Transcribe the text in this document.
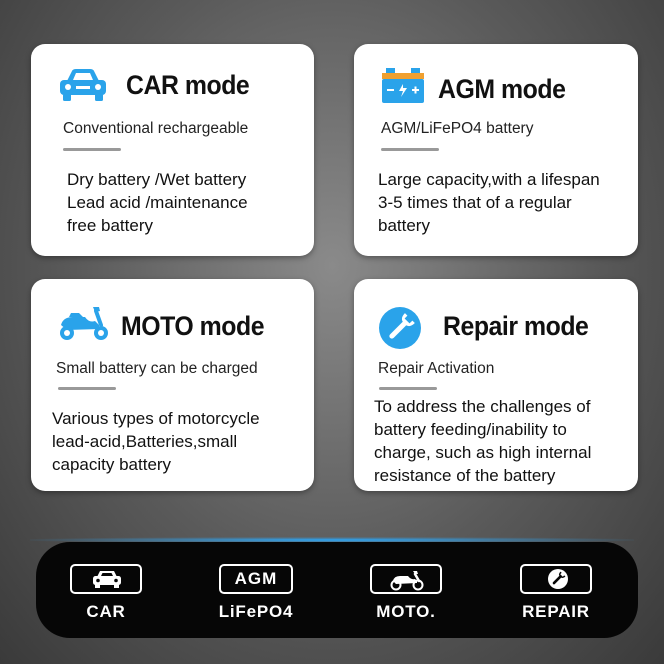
CAR mode
Conventional rechargeable
Dry battery /Wet battery
Lead acid /maintenance
free battery
AGM mode
AGM/LiFePO4 battery
Large capacity,with a lifespan
3-5 times that of a regular
battery
MOTO mode
Small battery can be charged
Various types of motorcycle
lead-acid,Batteries,small
capacity battery
Repair mode
Repair Activation
To address the challenges of
battery feeding/inability to
charge, such as high internal
resistance of the battery
CAR
AGM
LiFePO4	MOTO.	REPAIR
